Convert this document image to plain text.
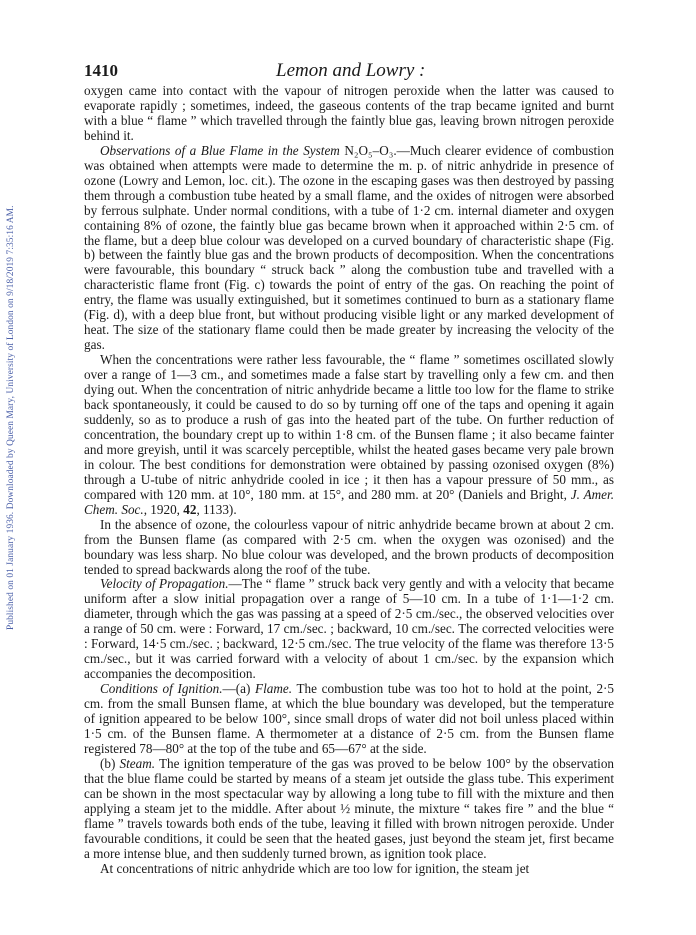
Published on 01 January 1936. Downloaded by Queen Mary, University of London on 9/18/2019 7:35:16 AM.
1410	Lemon and Lowry :

oxygen came into contact with the vapour of nitrogen peroxide when the latter was caused to evaporate rapidly ; sometimes, indeed, the gaseous contents of the trap became ignited and burnt with a blue “ flame ” which travelled through the faintly blue gas, leaving brown nitrogen peroxide behind it.

Observations of a Blue Flame in the System N₂O₅–O₃.—Much clearer evidence of combustion was obtained when attempts were made to determine the m. p. of nitric anhydride in presence of ozone (Lowry and Lemon, loc. cit.). The ozone in the escaping gases was then destroyed by passing them through a combustion tube heated by a small flame, and the oxides of nitrogen were absorbed by ferrous sulphate. Under normal conditions, with a tube of 1·2 cm. internal diameter and oxygen containing 8% of ozone, the faintly blue gas became brown when it approached within 2·5 cm. of the flame, but a deep blue colour was developed on a curved boundary of characteristic shape (Fig. b) between the faintly blue gas and the brown products of decomposition. When the concentrations were favourable, this boundary “ struck back ” along the combustion tube and travelled with a characteristic flame front (Fig. c) towards the point of entry of the gas. On reaching the point of entry, the flame was usually extinguished, but it sometimes continued to burn as a stationary flame (Fig. d), with a deep blue front, but without producing visible light or any marked development of heat. The size of the stationary flame could then be made greater by increasing the velocity of the gas.

When the concentrations were rather less favourable, the “ flame ” sometimes oscillated slowly over a range of 1—3 cm., and sometimes made a false start by travelling only a few cm. and then dying out. When the concentration of nitric anhydride became a little too low for the flame to strike back spontaneously, it could be caused to do so by turning off one of the taps and opening it again suddenly, so as to produce a rush of gas into the heated part of the tube. On further reduction of concentration, the boundary crept up to within 1·8 cm. of the Bunsen flame ; it also became fainter and more greyish, until it was scarcely perceptible, whilst the heated gases became very pale brown in colour. The best conditions for demonstration were obtained by passing ozonised oxygen (8%) through a U-tube of nitric anhydride cooled in ice ; it then has a vapour pressure of 50 mm., as compared with 120 mm. at 10°, 180 mm. at 15°, and 280 mm. at 20° (Daniels and Bright, J. Amer. Chem. Soc., 1920, 42, 1133).

In the absence of ozone, the colourless vapour of nitric anhydride became brown at about 2 cm. from the Bunsen flame (as compared with 2·5 cm. when the oxygen was ozonised) and the boundary was less sharp. No blue colour was developed, and the brown products of decomposition tended to spread backwards along the roof of the tube.

Velocity of Propagation.—The “ flame ” struck back very gently and with a velocity that became uniform after a slow initial propagation over a range of 5—10 cm. In a tube of 1·1—1·2 cm. diameter, through which the gas was passing at a speed of 2·5 cm./sec., the observed velocities over a range of 50 cm. were : Forward, 17 cm./sec. ; backward, 10 cm./sec. The corrected velocities were : Forward, 14·5 cm./sec. ; backward, 12·5 cm./sec. The true velocity of the flame was therefore 13·5 cm./sec., but it was carried forward with a velocity of about 1 cm./sec. by the expansion which accompanies the decomposition.

Conditions of Ignition.—(a) Flame. The combustion tube was too hot to hold at the point, 2·5 cm. from the small Bunsen flame, at which the blue boundary was developed, but the temperature of ignition appeared to be below 100°, since small drops of water did not boil unless placed within 1·5 cm. of the Bunsen flame. A thermometer at a distance of 2·5 cm. from the Bunsen flame registered 78—80° at the top of the tube and 65—67° at the side.

(b) Steam. The ignition temperature of the gas was proved to be below 100° by the observation that the blue flame could be started by means of a steam jet outside the glass tube. This experiment can be shown in the most spectacular way by allowing a long tube to fill with the mixture and then applying a steam jet to the middle. After about ½ minute, the mixture “ takes fire ” and the blue “ flame ” travels towards both ends of the tube, leaving it filled with brown nitrogen peroxide. Under favourable conditions, it could be seen that the heated gases, just beyond the steam jet, first became a more intense blue, and then suddenly turned brown, as ignition took place.

At concentrations of nitric anhydride which are too low for ignition, the steam jet
